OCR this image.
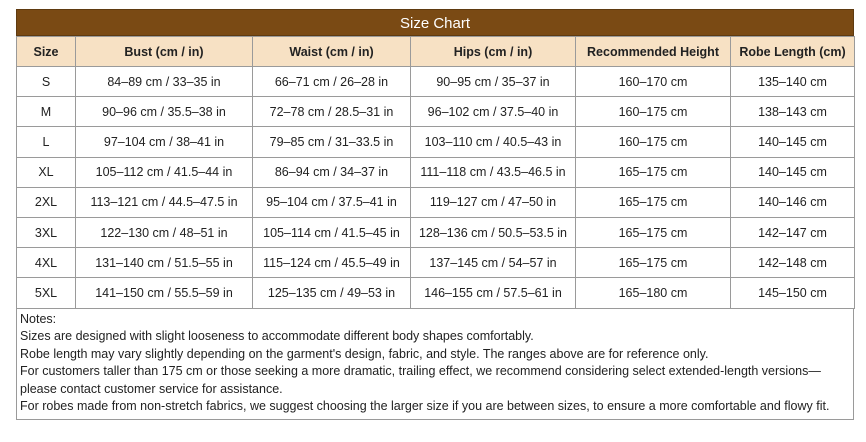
Size Chart
Size	Bust (cm / in)	Waist (cm / in)	Hips (cm / in)	Recommended Height	Robe Length (cm)
S	84–89 cm / 33–35 in	66–71 cm / 26–28 in	90–95 cm / 35–37 in	160–170 cm	135–140 cm
M	90–96 cm / 35.5–38 in	72–78 cm / 28.5–31 in	96–102 cm / 37.5–40 in	160–175 cm	138–143 cm
L	97–104 cm / 38–41 in	79–85 cm / 31–33.5 in	103–110 cm / 40.5–43 in	160–175 cm	140–145 cm
XL	105–112 cm / 41.5–44 in	86–94 cm / 34–37 in	111–118 cm / 43.5–46.5 in	165–175 cm	140–145 cm
2XL	113–121 cm / 44.5–47.5 in	95–104 cm / 37.5–41 in	119–127 cm / 47–50 in	165–175 cm	140–146 cm
3XL	122–130 cm / 48–51 in	105–114 cm / 41.5–45 in	128–136 cm / 50.5–53.5 in	165–175 cm	142–147 cm
4XL	131–140 cm / 51.5–55 in	115–124 cm / 45.5–49 in	137–145 cm / 54–57 in	165–175 cm	142–148 cm
5XL	141–150 cm / 55.5–59 in	125–135 cm / 49–53 in	146–155 cm / 57.5–61 in	165–180 cm	145–150 cm
Notes:
Sizes are designed with slight looseness to accommodate different body shapes comfortably.
Robe length may vary slightly depending on the garment's design, fabric, and style. The ranges above are for reference only.
For customers taller than 175 cm or those seeking a more dramatic, trailing effect, we recommend considering select extended-length versions—please contact customer service for assistance.
For robes made from non-stretch fabrics, we suggest choosing the larger size if you are between sizes, to ensure a more comfortable and flowy fit.
